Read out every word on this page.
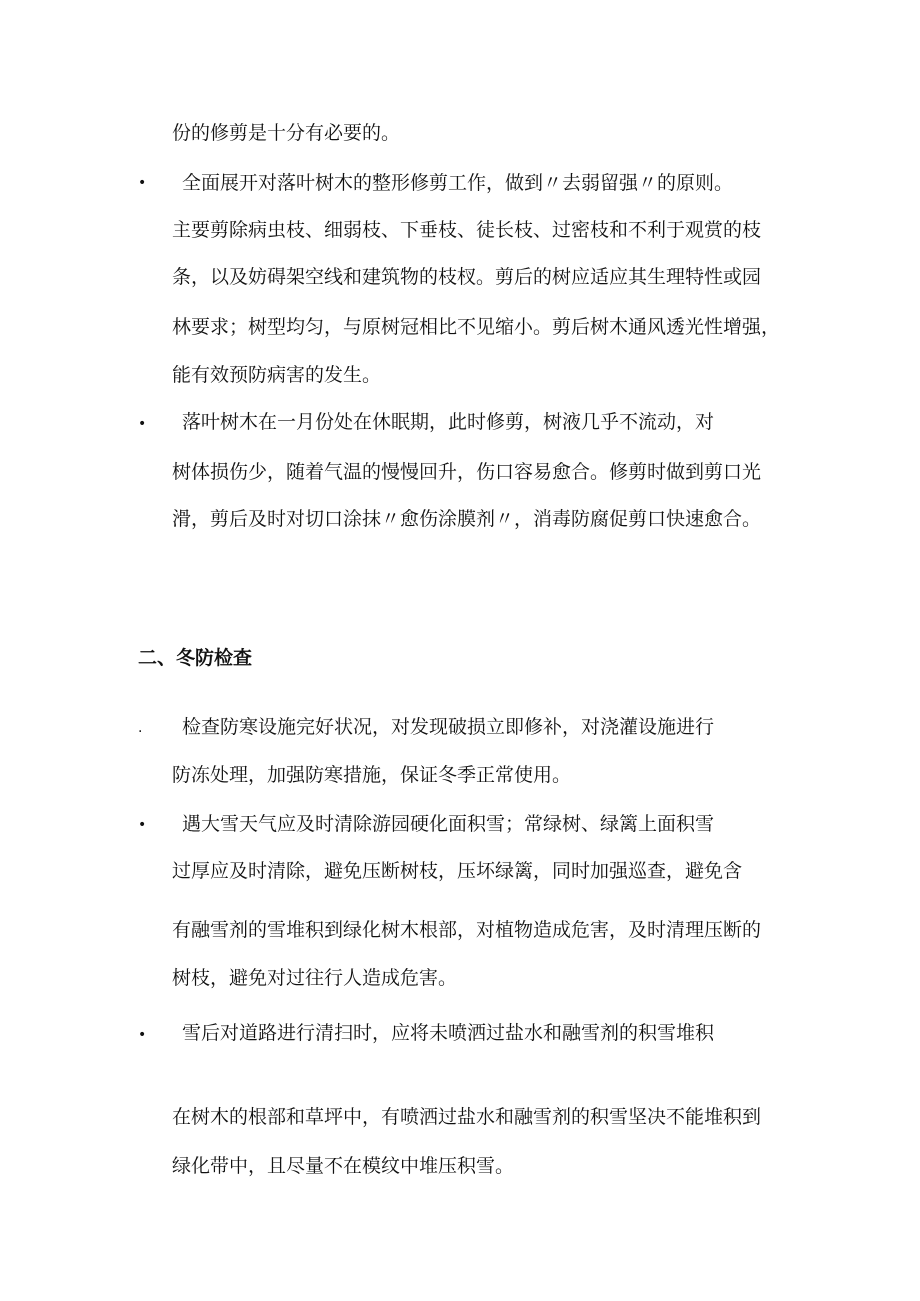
份的修剪是十分有必要的。
• 全面展开对落叶树木的整形修剪工作，做到〃去弱留强〃的原则。
主要剪除病虫枝、细弱枝、下垂枝、徒长枝、过密枝和不利于观赏的枝
条，以及妨碍架空线和建筑物的枝杈。剪后的树应适应其生理特性或园
林要求；树型均匀，与原树冠相比不见缩小。剪后树木通风透光性增强，
能有效预防病害的发生。
• 落叶树木在一月份处在休眠期，此时修剪，树液几乎不流动，对
树体损伤少，随着气温的慢慢回升，伤口容易愈合。修剪时做到剪口光
滑，剪后及时对切口涂抹〃愈伤涂膜剂〃，消毒防腐促剪口快速愈合。
二、冬防检查
. 检查防寒设施完好状况，对发现破损立即修补，对浇灌设施进行
防冻处理，加强防寒措施，保证冬季正常使用。
• 遇大雪天气应及时清除游园硬化面积雪；常绿树、绿篱上面积雪
过厚应及时清除，避免压断树枝，压坏绿篱，同时加强巡查，避免含
有融雪剂的雪堆积到绿化树木根部，对植物造成危害，及时清理压断的
树枝，避免对过往行人造成危害。
• 雪后对道路进行清扫时，应将未喷洒过盐水和融雪剂的积雪堆积
在树木的根部和草坪中，有喷洒过盐水和融雪剂的积雪坚决不能堆积到
绿化带中，且尽量不在模纹中堆压积雪。
